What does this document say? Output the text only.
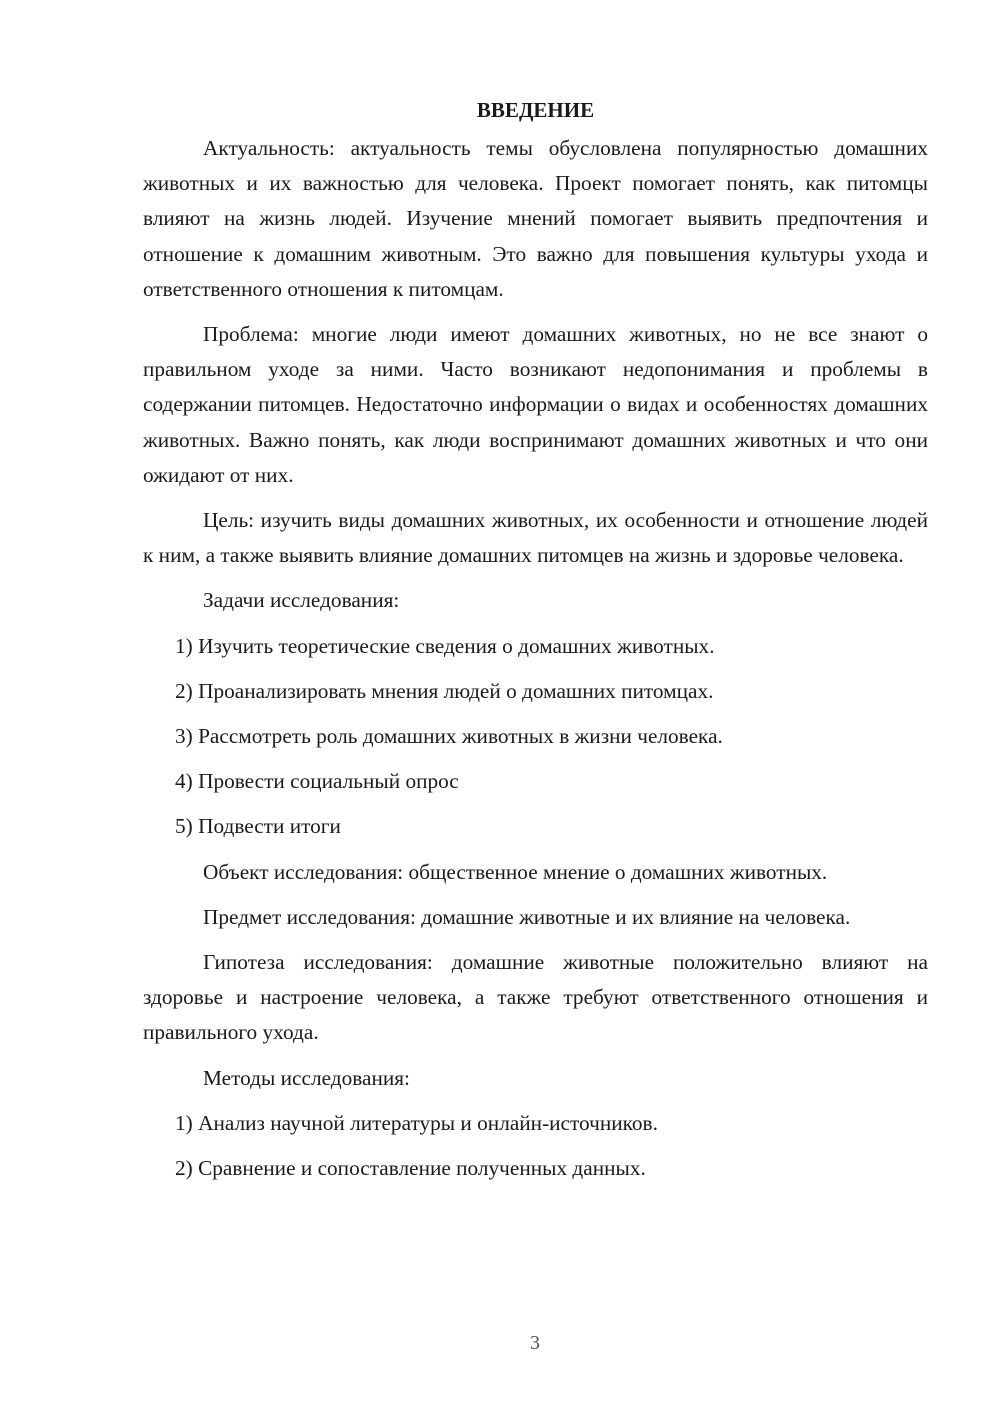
ВВЕДЕНИЕ

Актуальность: актуальность темы обусловлена популярностью домашних животных и их важностью для человека. Проект помогает понять, как питомцы влияют на жизнь людей. Изучение мнений помогает выявить предпочтения и отношение к домашним животным. Это важно для повышения культуры ухода и ответственного отношения к питомцам.

Проблема: многие люди имеют домашних животных, но не все знают о правильном уходе за ними. Часто возникают недопонимания и проблемы в содержании питомцев. Недостаточно информации о видах и особенностях домашних животных. Важно понять, как люди воспринимают домашних животных и что они ожидают от них.

Цель: изучить виды домашних животных, их особенности и отношение людей к ним, а также выявить влияние домашних питомцев на жизнь и здоровье человека.

Задачи исследования:
1) Изучить теоретические сведения о домашних животных.
2) Проанализировать мнения людей о домашних питомцах.
3) Рассмотреть роль домашних животных в жизни человека.
4) Провести социальный опрос
5) Подвести итоги
Объект исследования: общественное мнение о домашних животных.

Предмет исследования: домашние животные и их влияние на человека.

Гипотеза исследования: домашние животные положительно влияют на здоровье и настроение человека, а также требуют ответственного отношения и правильного ухода.

Методы исследования:
1) Анализ научной литературы и онлайн-источников.
2) Сравнение и сопоставление полученных данных.
3
